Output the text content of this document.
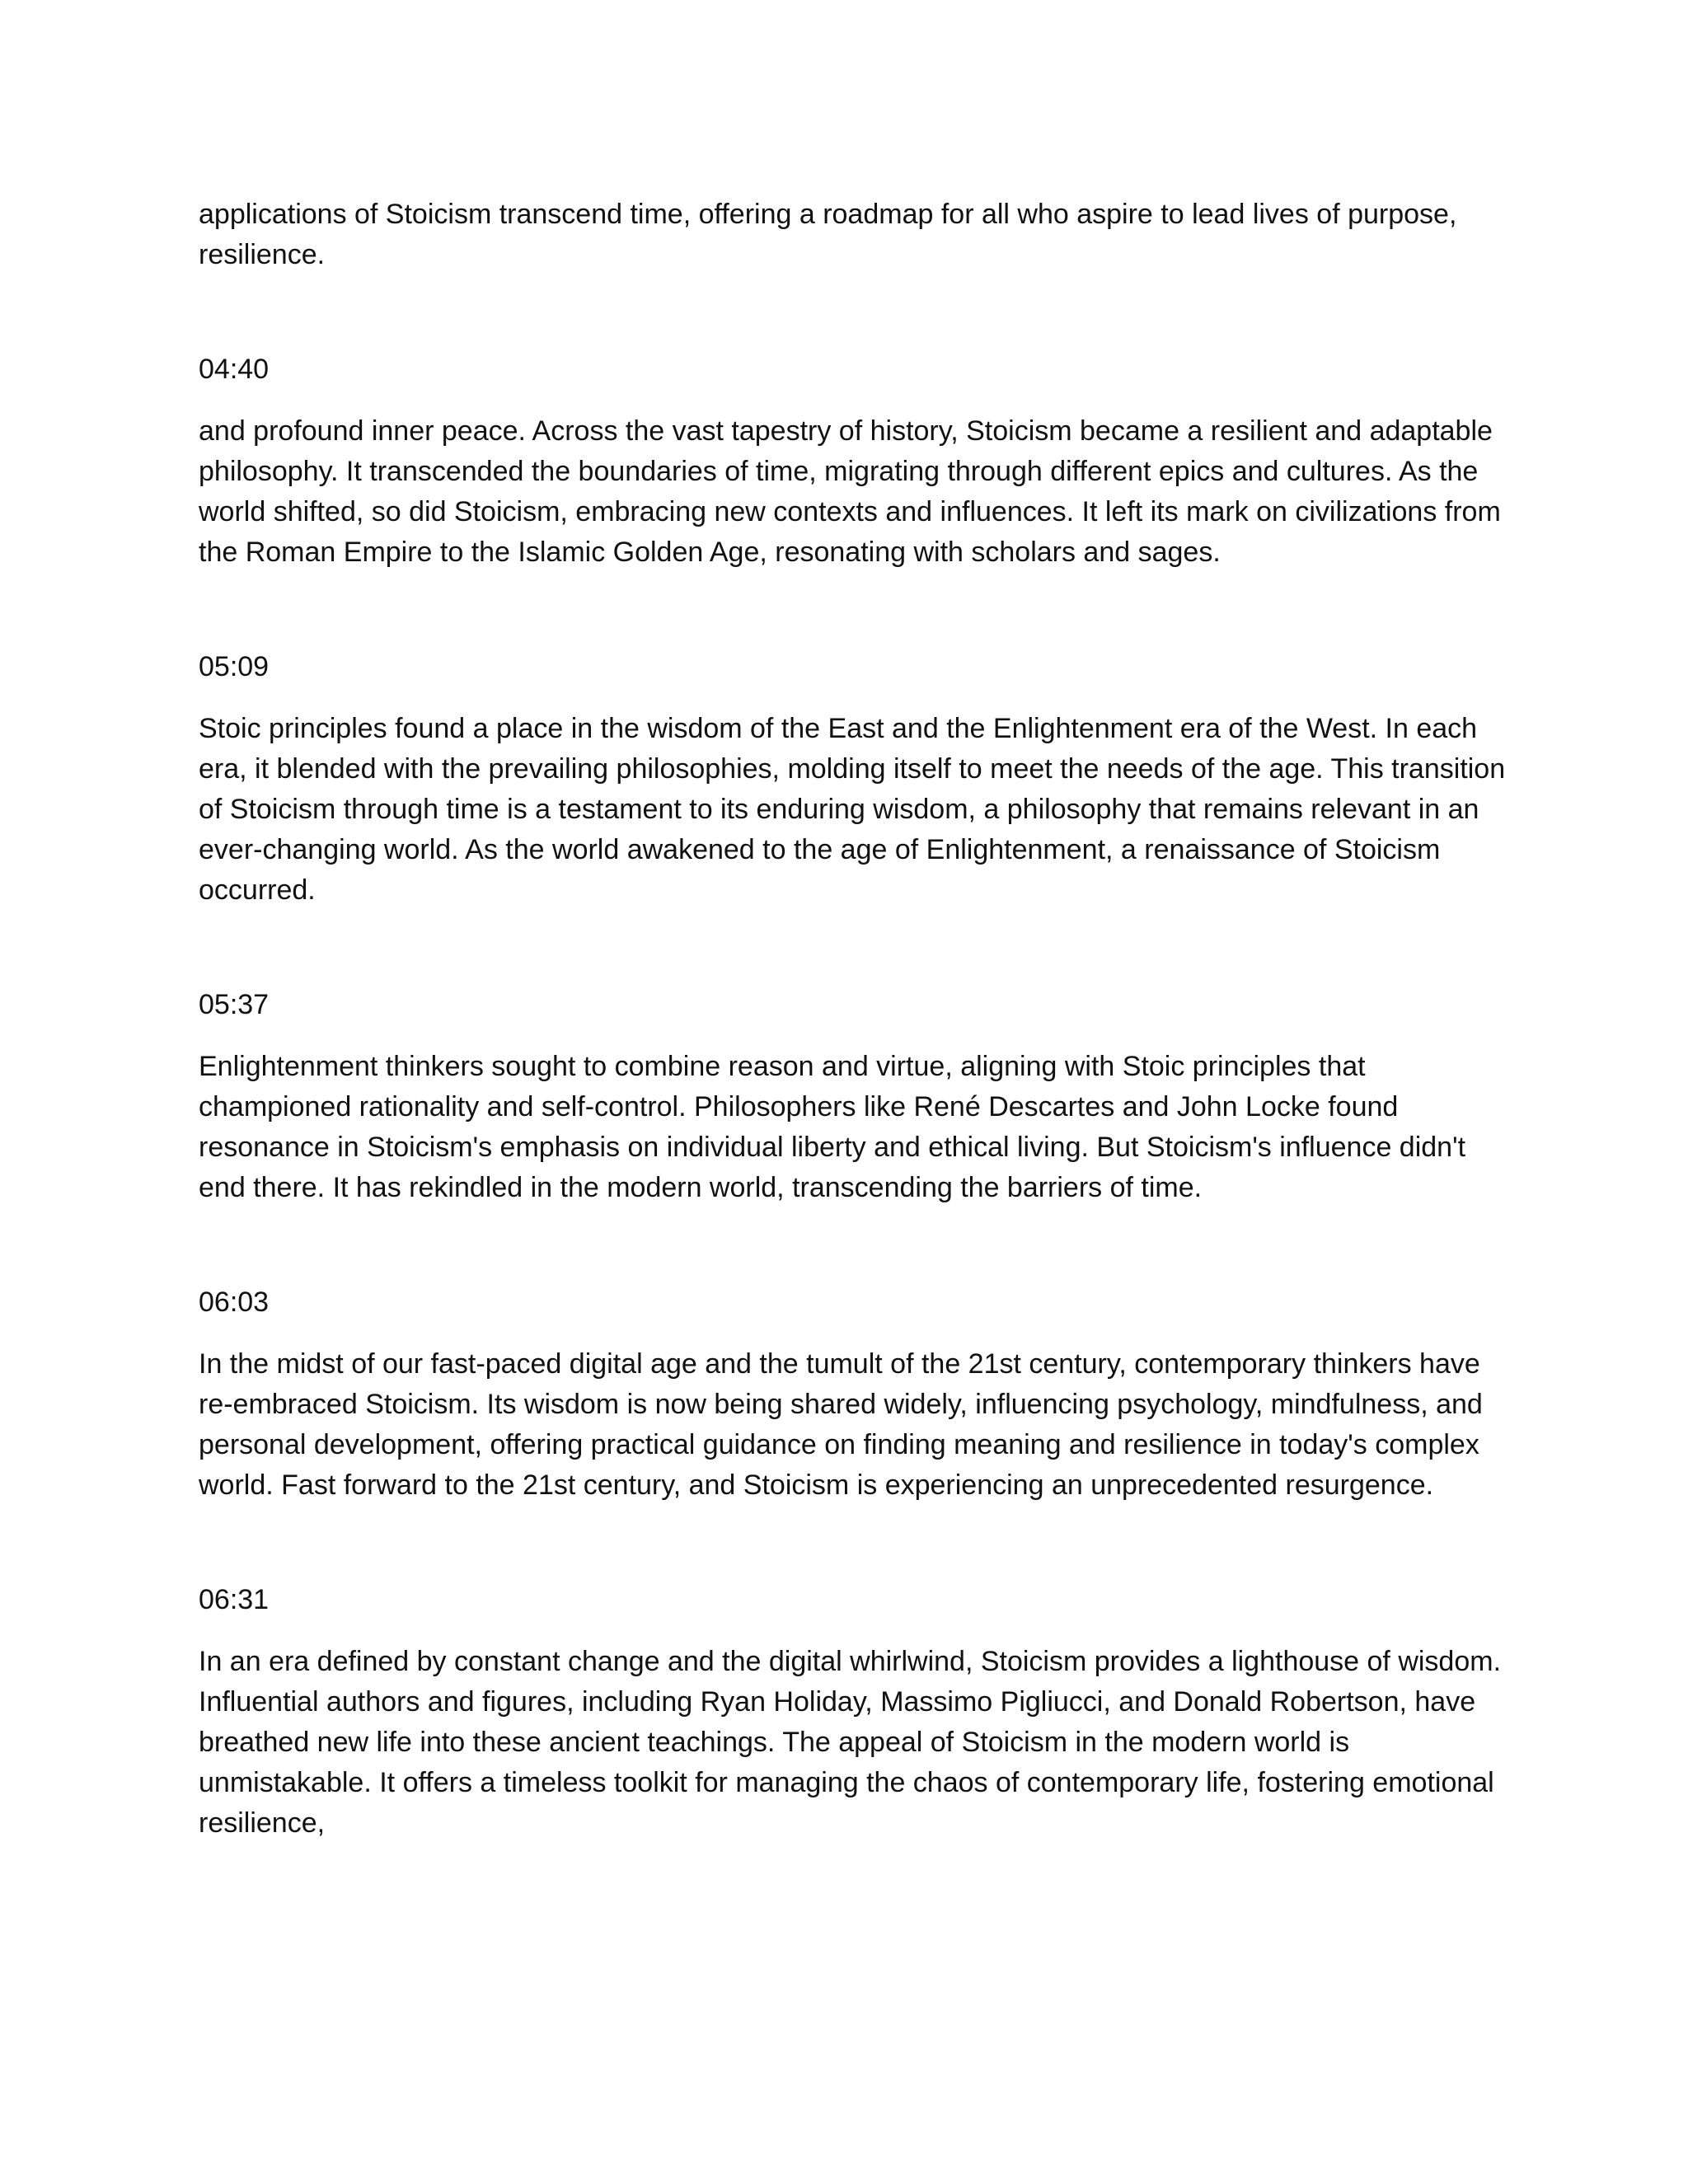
applications of Stoicism transcend time, offering a roadmap for all who aspire to lead lives of purpose, resilience.

04:40

and profound inner peace. Across the vast tapestry of history, Stoicism became a resilient and adaptable philosophy. It transcended the boundaries of time, migrating through different epics and cultures. As the world shifted, so did Stoicism, embracing new contexts and influences. It left its mark on civilizations from the Roman Empire to the Islamic Golden Age, resonating with scholars and sages.

05:09

Stoic principles found a place in the wisdom of the East and the Enlightenment era of the West. In each era, it blended with the prevailing philosophies, molding itself to meet the needs of the age. This transition of Stoicism through time is a testament to its enduring wisdom, a philosophy that remains relevant in an ever-changing world. As the world awakened to the age of Enlightenment, a renaissance of Stoicism occurred.

05:37

Enlightenment thinkers sought to combine reason and virtue, aligning with Stoic principles that championed rationality and self-control. Philosophers like René Descartes and John Locke found resonance in Stoicism's emphasis on individual liberty and ethical living. But Stoicism's influence didn't end there. It has rekindled in the modern world, transcending the barriers of time.

06:03

In the midst of our fast-paced digital age and the tumult of the 21st century, contemporary thinkers have re-embraced Stoicism. Its wisdom is now being shared widely, influencing psychology, mindfulness, and personal development, offering practical guidance on finding meaning and resilience in today's complex world. Fast forward to the 21st century, and Stoicism is experiencing an unprecedented resurgence.

06:31

In an era defined by constant change and the digital whirlwind, Stoicism provides a lighthouse of wisdom. Influential authors and figures, including Ryan Holiday, Massimo Pigliucci, and Donald Robertson, have breathed new life into these ancient teachings. The appeal of Stoicism in the modern world is unmistakable. It offers a timeless toolkit for managing the chaos of contemporary life, fostering emotional resilience,
